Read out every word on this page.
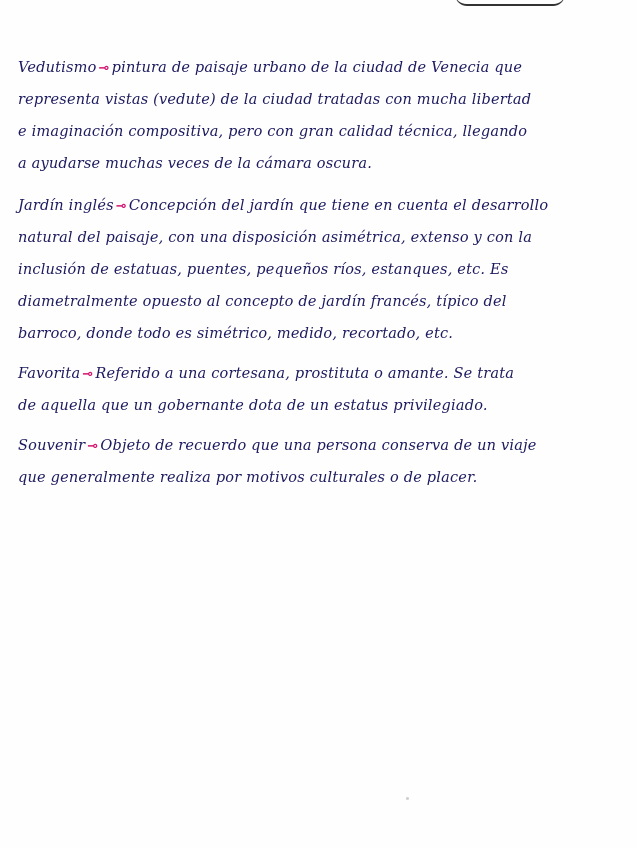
Vedutismo ⊸ pintura de paisaje urbano de la ciudad de Venecia que
representa vistas (vedute) de la ciudad tratadas con mucha libertad
e imaginación compositiva, pero con gran calidad técnica, llegando
a ayudarse muchas veces de la cámara oscura.
Jardín inglés ⊸ Concepción del jardín que tiene en cuenta el desarrollo
natural del paisaje, con una disposición asimétrica, extenso y con la
inclusión de estatuas, puentes, pequeños ríos, estanques, etc. Es
diametralmente opuesto al concepto de jardín francés, típico del
barroco, donde todo es simétrico, medido, recortado, etc.
Favorita ⊸ Referido a una cortesana, prostituta o amante. Se trata
de aquella que un gobernante dota de un estatus privilegiado.
Souvenir ⊸ Objeto de recuerdo que una persona conserva de un viaje
que generalmente realiza por motivos culturales o de placer.
